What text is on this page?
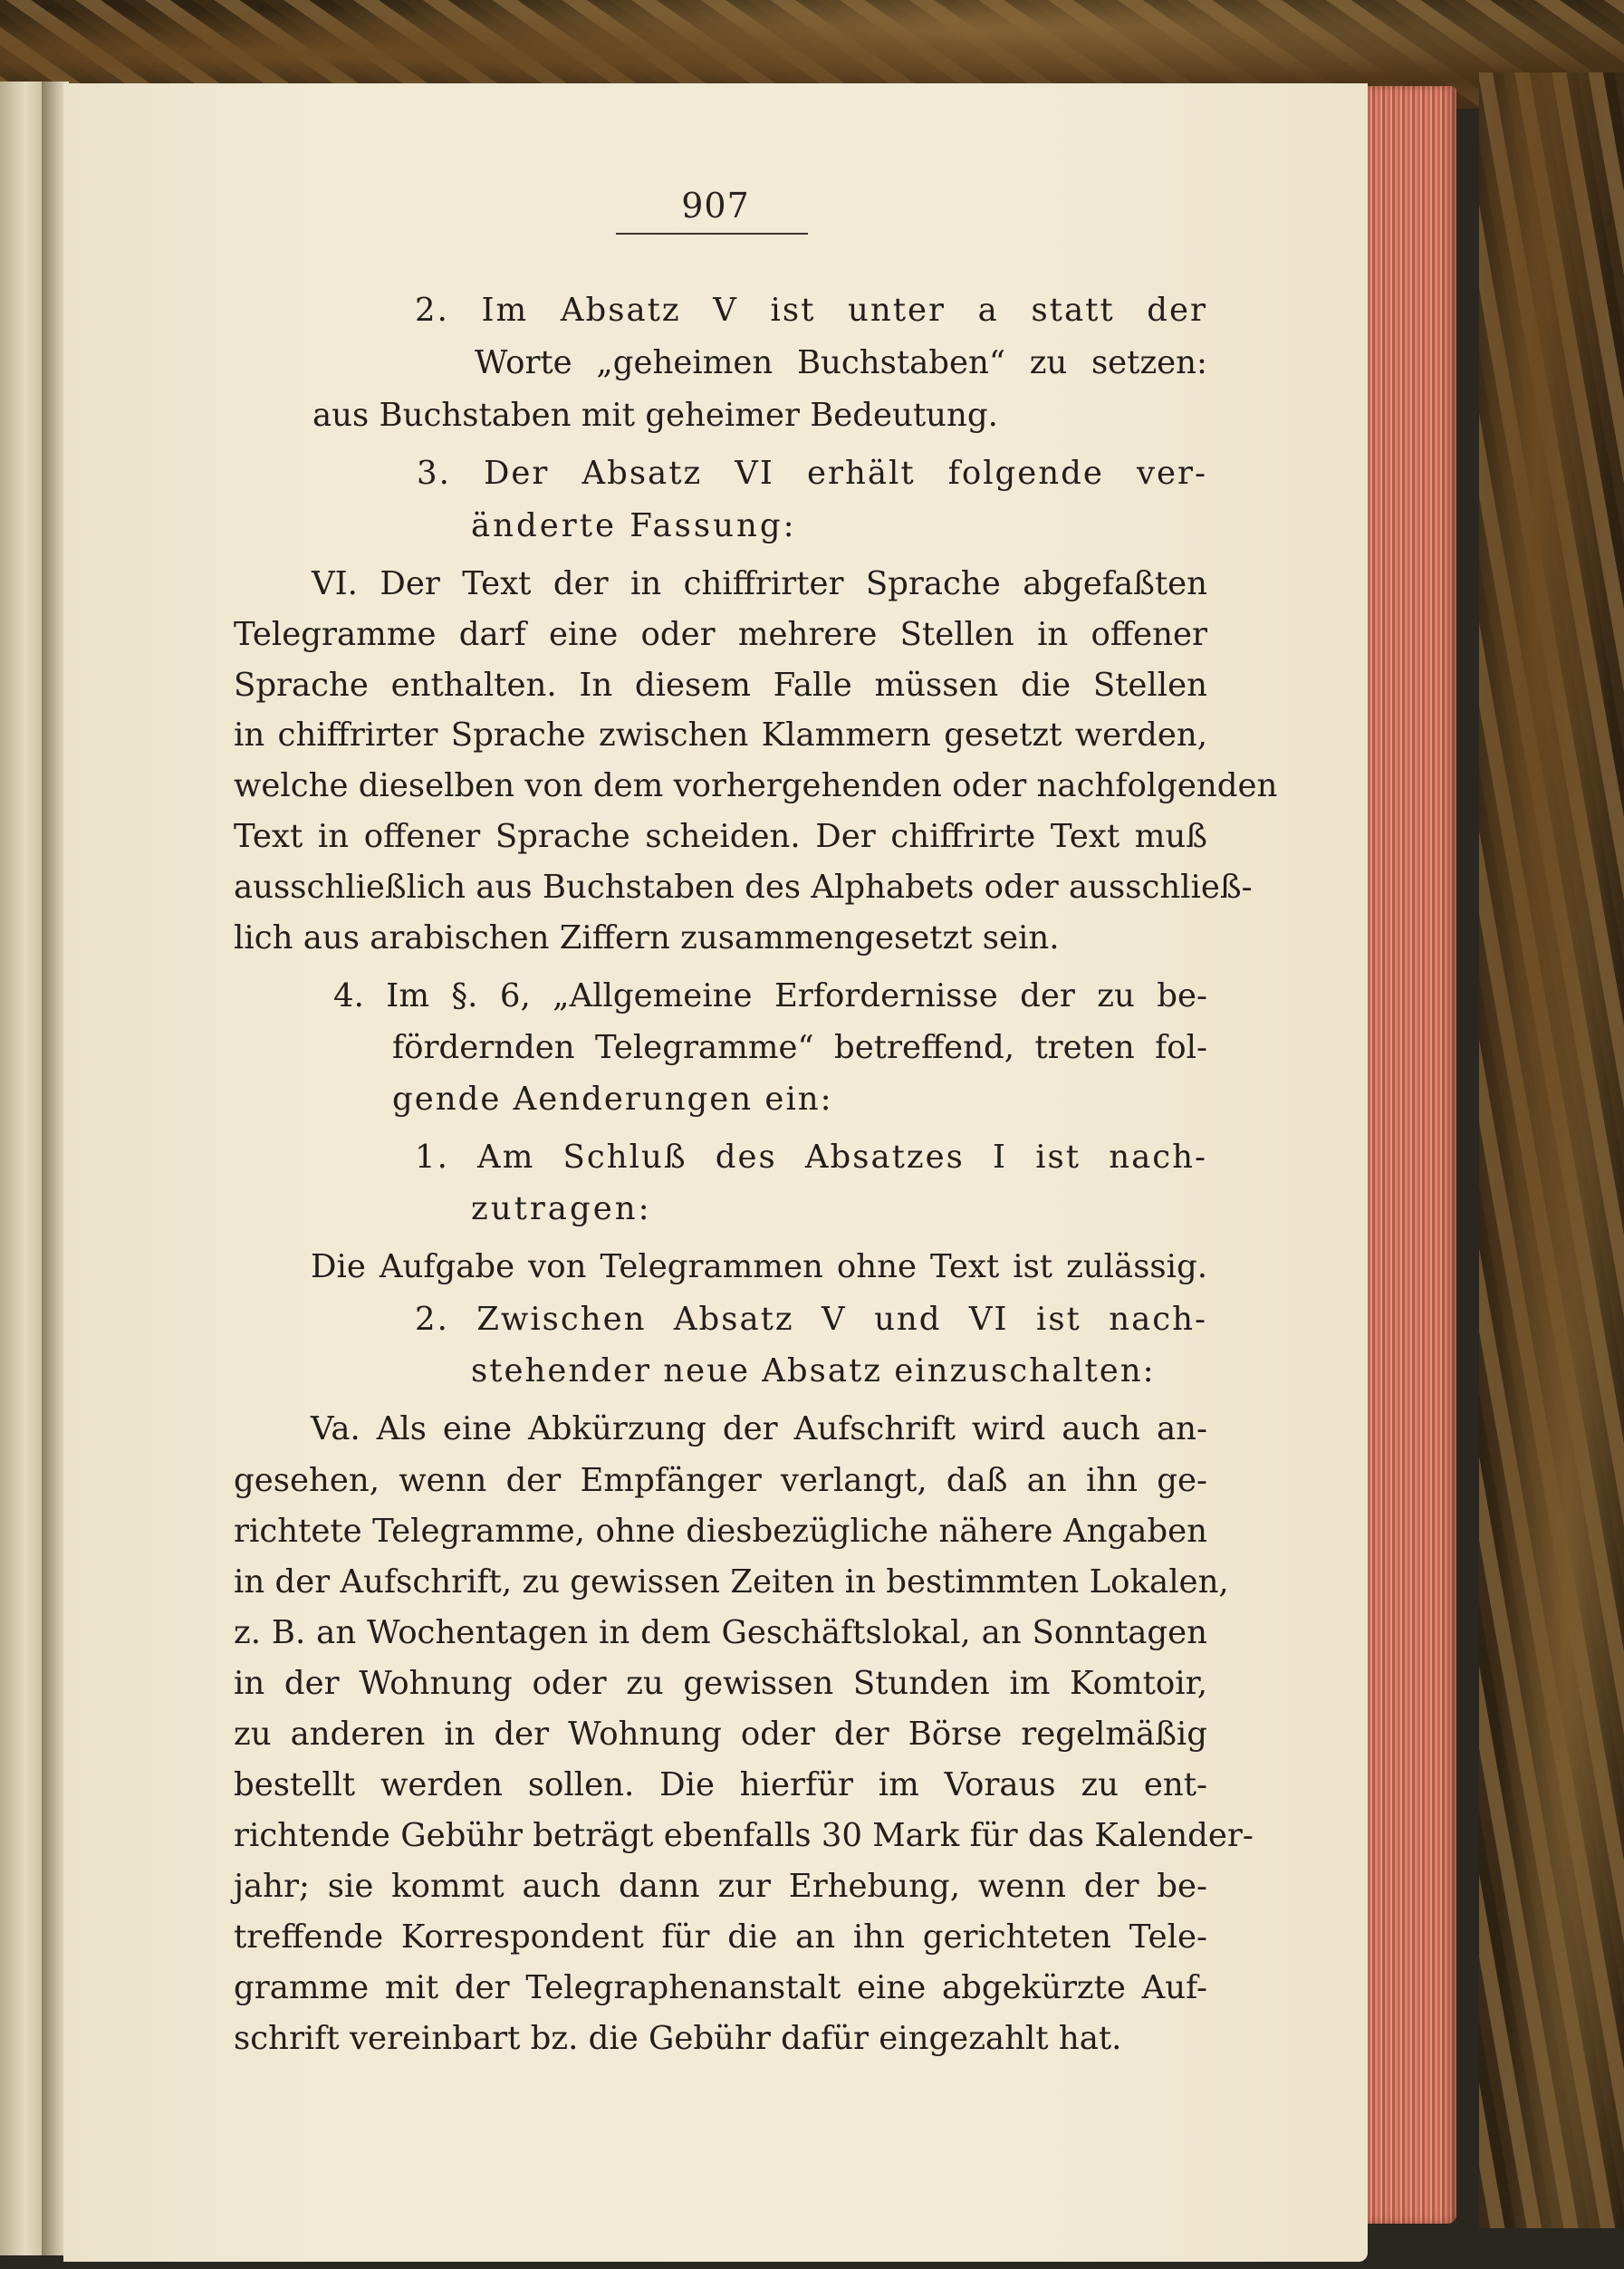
907
2. Im Absatz V ist unter a statt der
Worte „geheimen Buchstaben“ zu setzen:
aus Buchstaben mit geheimer Bedeutung.
3. Der Absatz VI erhält folgende ver-
änderte Fassung:
VI. Der Text der in chiffrirter Sprache abgefaßten
Telegramme darf eine oder mehrere Stellen in offener
Sprache enthalten. In diesem Falle müssen die Stellen
in chiffrirter Sprache zwischen Klammern gesetzt werden,
welche dieselben von dem vorhergehenden oder nachfolgenden
Text in offener Sprache scheiden. Der chiffrirte Text muß
ausschließlich aus Buchstaben des Alphabets oder ausschließ-
lich aus arabischen Ziffern zusammengesetzt sein.
4. Im §. 6, „Allgemeine Erfordernisse der zu be-
fördernden Telegramme“ betreffend, treten fol-
gende Aenderungen ein:
1. Am Schluß des Absatzes I ist nach-
zutragen:
Die Aufgabe von Telegrammen ohne Text ist zulässig.
2. Zwischen Absatz V und VI ist nach-
stehender neue Absatz einzuschalten:
Va. Als eine Abkürzung der Aufschrift wird auch an-
gesehen, wenn der Empfänger verlangt, daß an ihn ge-
richtete Telegramme, ohne diesbezügliche nähere Angaben
in der Aufschrift, zu gewissen Zeiten in bestimmten Lokalen,
z. B. an Wochentagen in dem Geschäftslokal, an Sonntagen
in der Wohnung oder zu gewissen Stunden im Komtoir,
zu anderen in der Wohnung oder der Börse regelmäßig
bestellt werden sollen. Die hierfür im Voraus zu ent-
richtende Gebühr beträgt ebenfalls 30 Mark für das Kalender-
jahr; sie kommt auch dann zur Erhebung, wenn der be-
treffende Korrespondent für die an ihn gerichteten Tele-
gramme mit der Telegraphenanstalt eine abgekürzte Auf-
schrift vereinbart bz. die Gebühr dafür eingezahlt hat.
